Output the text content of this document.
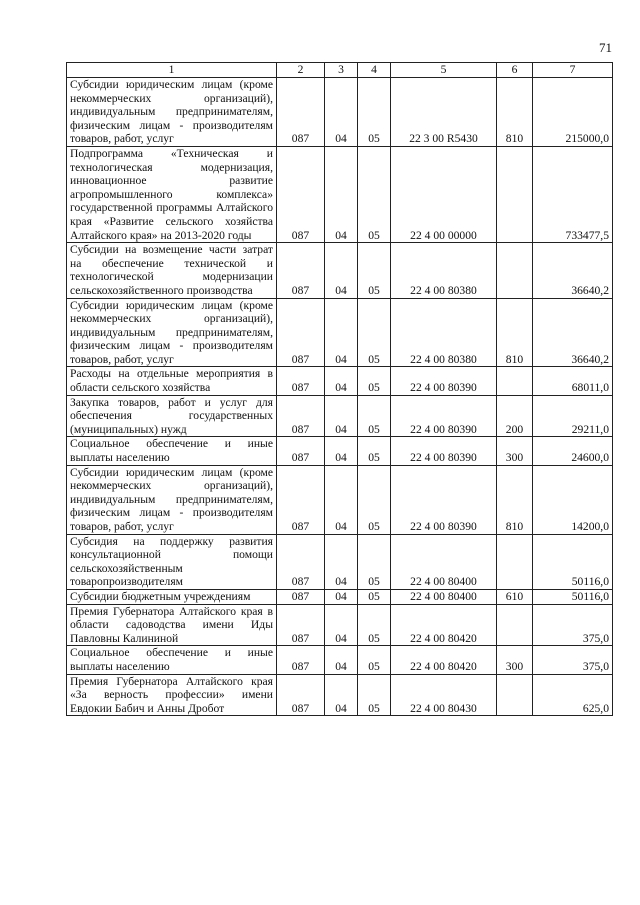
71
1	2	3	4	5	6	7
Субсидии юридическим лицам (кроме некоммерческих организаций), индивидуальным предпринимателям, физическим лицам - производителям товаров, работ, услуг	087	04	05	22 3 00 R5430	810	215000,0
Подпрограмма «Техническая и технологическая модернизация, инновационное развитие агропромышленного комплекса» государственной программы Алтайского края «Развитие сельского хозяйства Алтайского края» на 2013-2020 годы	087	04	05	22 4 00 00000		733477,5
Субсидии на возмещение части затрат на обеспечение технической и технологической модернизации сельскохозяйственного производства	087	04	05	22 4 00 80380		36640,2
Субсидии юридическим лицам (кроме некоммерческих организаций), индивидуальным предпринимателям, физическим лицам - производителям товаров, работ, услуг	087	04	05	22 4 00 80380	810	36640,2
Расходы на отдельные мероприятия в области сельского хозяйства	087	04	05	22 4 00 80390		68011,0
Закупка товаров, работ и услуг для обеспечения государственных (муниципальных) нужд	087	04	05	22 4 00 80390	200	29211,0
Социальное обеспечение и иные выплаты населению	087	04	05	22 4 00 80390	300	24600,0
Субсидии юридическим лицам (кроме некоммерческих организаций), индивидуальным предпринимателям, физическим лицам - производителям товаров, работ, услуг	087	04	05	22 4 00 80390	810	14200,0
Субсидия на поддержку развития консультационной помощи сельскохозяйственным товаропроизводителям	087	04	05	22 4 00 80400		50116,0
Субсидии бюджетным учреждениям	087	04	05	22 4 00 80400	610	50116,0
Премия Губернатора Алтайского края в области садоводства имени Иды Павловны Калининой	087	04	05	22 4 00 80420		375,0
Социальное обеспечение и иные выплаты населению	087	04	05	22 4 00 80420	300	375,0
Премия Губернатора Алтайского края «За верность профессии» имени Евдокии Бабич и Анны Дробот	087	04	05	22 4 00 80430		625,0
